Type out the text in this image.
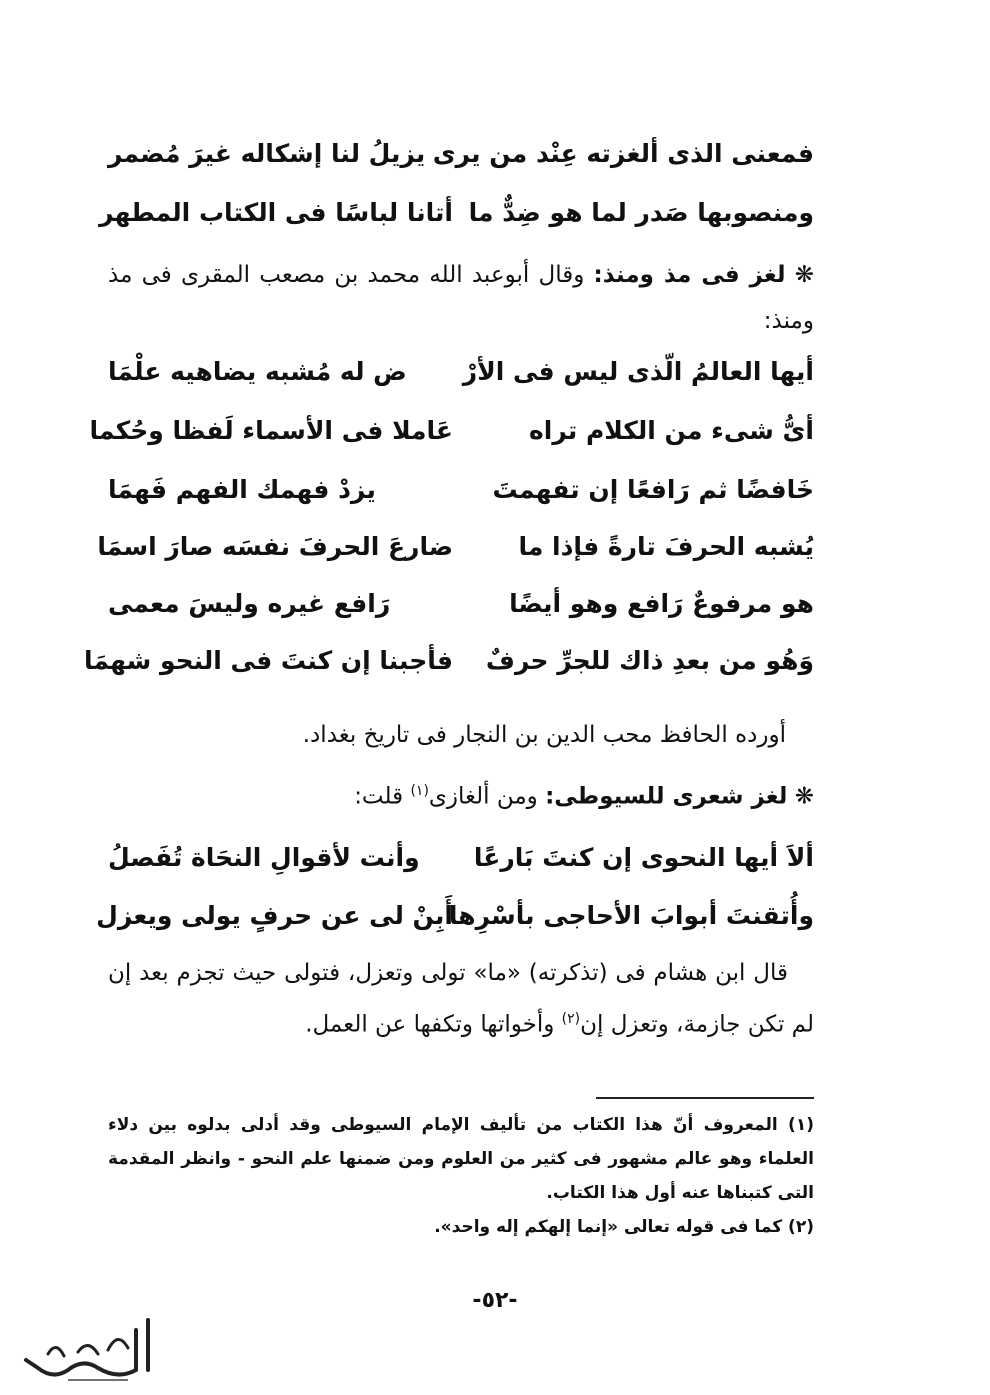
فمعنى الذى ألغزته عِنْد من يرى
يزيلُ لنا إشكاله غيرَ مُضمر
ومنصوبها صَدر لما هو ضِدٌّ ما
أتانا لباسًا فى الكتاب المطهر
❋ لغز فى مذ ومنذ: وقال أبوعبد الله محمد بن مصعب المقرى فى مذ ومنذ:
أيها العالمُ الّذى ليس فى الأرْ
ض له مُشبه يضاهيه علْمَا
أىُّ شىء من الكلام تراه
عَاملا فى الأسماء لَفظا وحُكما
خَافضًا ثم رَافعًا إن تفهمتَ
يزدْ فهمك الفهم فَهمَا
يُشبه الحرفَ تارةً فإذا ما
ضارعَ الحرفَ نفسَه صارَ اسمَا
هو مرفوعٌ رَافع وهو أيضًا
رَافع غيره وليسَ معمى
وَهُو من بعدِ ذاك للجرِّ حرفٌ
فأجبنا إن كنتَ فى النحو شهمَا
أورده الحافظ محب الدين بن النجار فى تاريخ بغداد.
❋ لغز شعرى للسيوطى: ومن ألغازى$^{(١)}$ قلت:
ألاَ أيها النحوى إن كنتَ بَارعًا
وأنت لأقوالِ النحَاة تُفَصلُ
وأُتقنتَ أبوابَ الأحاجى بأسْرِها
أَبِنْ لى عن حرفٍ يولى ويعزل
قال ابن هشام فى (تذكرته) «ما» تولى وتعزل، فتولى حيث تجزم بعد إن لم تكن جازمة، وتعزل إن$^{(٢)}$ وأخواتها وتكفها عن العمل.
(١) المعروف أنّ هذا الكتاب من تأليف الإمام السيوطى وقد أدلى بدلوه بين دلاء العلماء وهو عالم مشهور فى كثير من العلوم ومن ضمنها علم النحو - وانظر المقدمة التى كتبناها عنه أول هذا الكتاب.
(٢) كما فى قوله تعالى «إنما إلهكم إله واحد».
-٥٢-
